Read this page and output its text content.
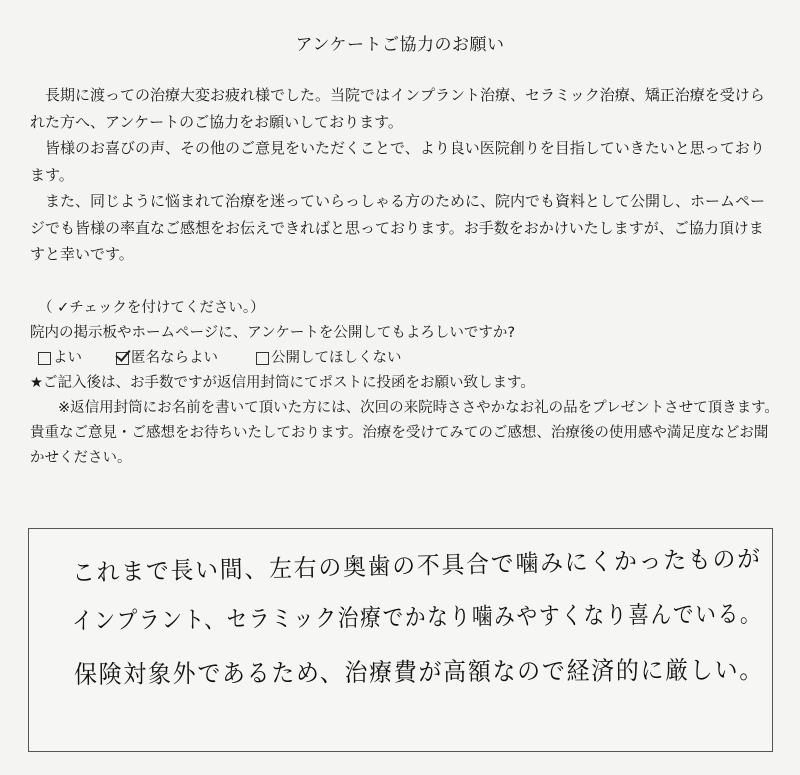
アンケートご協力のお願い

長期に渡っての治療大変お疲れ様でした。当院ではインプラント治療、セラミック治療、矯正治療を受けられた方へ、アンケートのご協力をお願いしております。

皆様のお喜びの声、その他のご意見をいただくことで、より良い医院創りを目指していきたいと思っております。

また、同じように悩まれて治療を迷っていらっしゃる方のために、院内でも資料として公開し、ホームページでも皆様の率直なご感想をお伝えできればと思っております。お手数をおかけいたしますが、ご協力頂けますと幸いです。

（ ✓チェックを付けてください。）
院内の掲示板やホームページに、アンケートを公開してもよろしいですか?
よい	匿名ならよい	公開してほしくない
★ご記入後は、お手数ですが返信用封筒にてポストに投函をお願い致します。
※返信用封筒にお名前を書いて頂いた方には、次回の来院時ささやかなお礼の品をプレゼントさせて頂きます。
貴重なご意見・ご感想をお待ちいたしております。治療を受けてみてのご感想、治療後の使用感や満足度などお聞かせください。
これまで長い間、左右の奥歯の不具合で噛みにくかったものが
インプラント、セラミック治療でかなり噛みやすくなり喜んでいる。
保険対象外であるため、治療費が高額なので経済的に厳しい。
